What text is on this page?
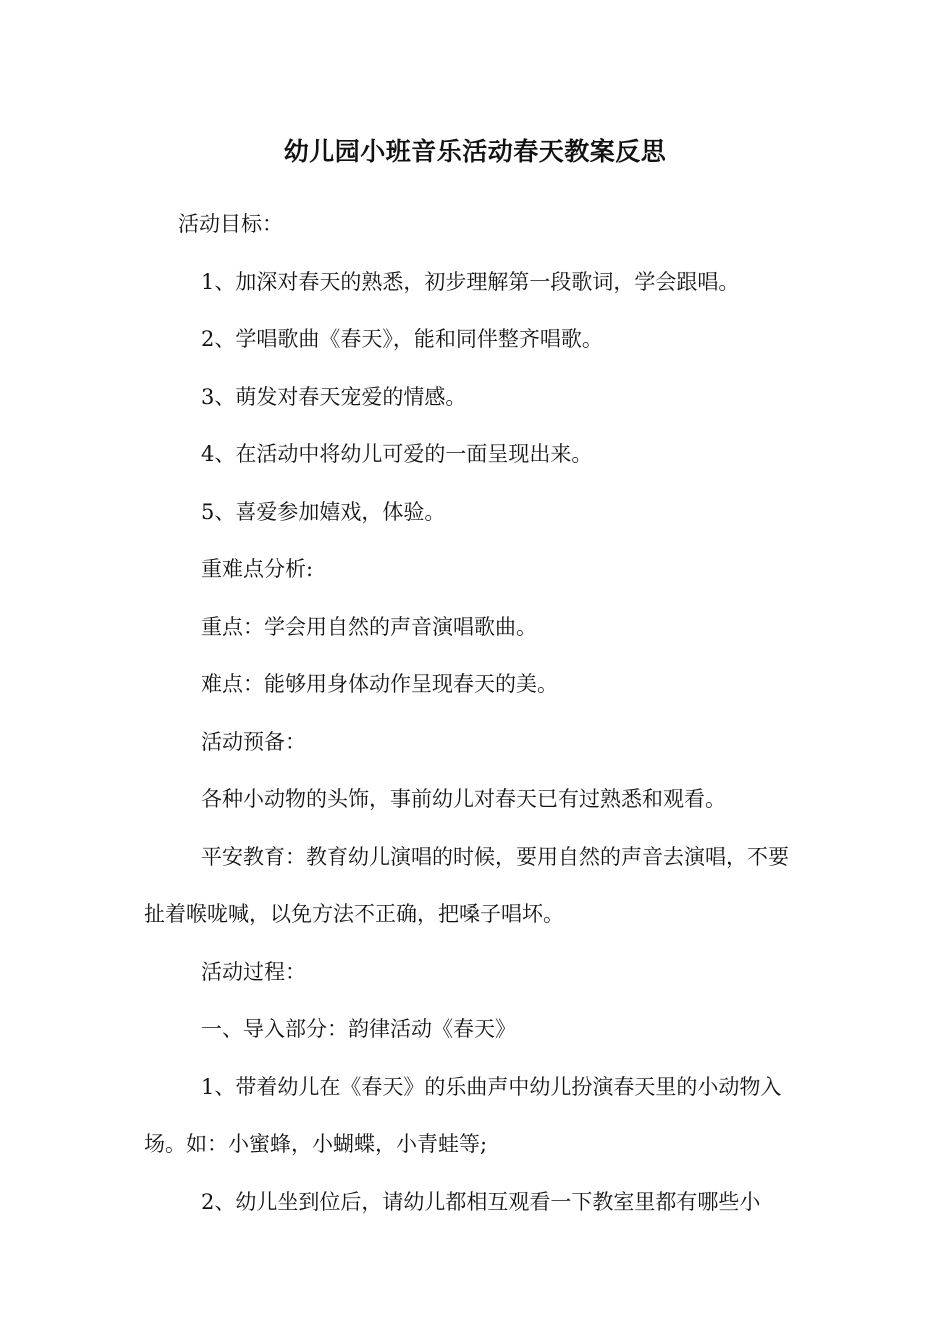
幼儿园小班音乐活动春天教案反思

活动目标：

1、加深对春天的熟悉，初步理解第一段歌词，学会跟唱。

2、学唱歌曲《春天》，能和同伴整齐唱歌。

3、萌发对春天宠爱的情感。

4、在活动中将幼儿可爱的一面呈现出来。

5、喜爱参加嬉戏，体验。

重难点分析:

重点：学会用自然的声音演唱歌曲。

难点：能够用身体动作呈现春天的美。

活动预备：

各种小动物的头饰，事前幼儿对春天已有过熟悉和观看。

平安教育：教育幼儿演唱的时候，要用自然的声音去演唱，不要扯着喉咙喊，以免方法不正确，把嗓子唱坏。

活动过程：

一、导入部分：韵律活动《春天》

1、带着幼儿在《春天》的乐曲声中幼儿扮演春天里的小动物入场。如：小蜜蜂，小蝴蝶，小青蛙等;

2、幼儿坐到位后，请幼儿都相互观看一下教室里都有哪些小
